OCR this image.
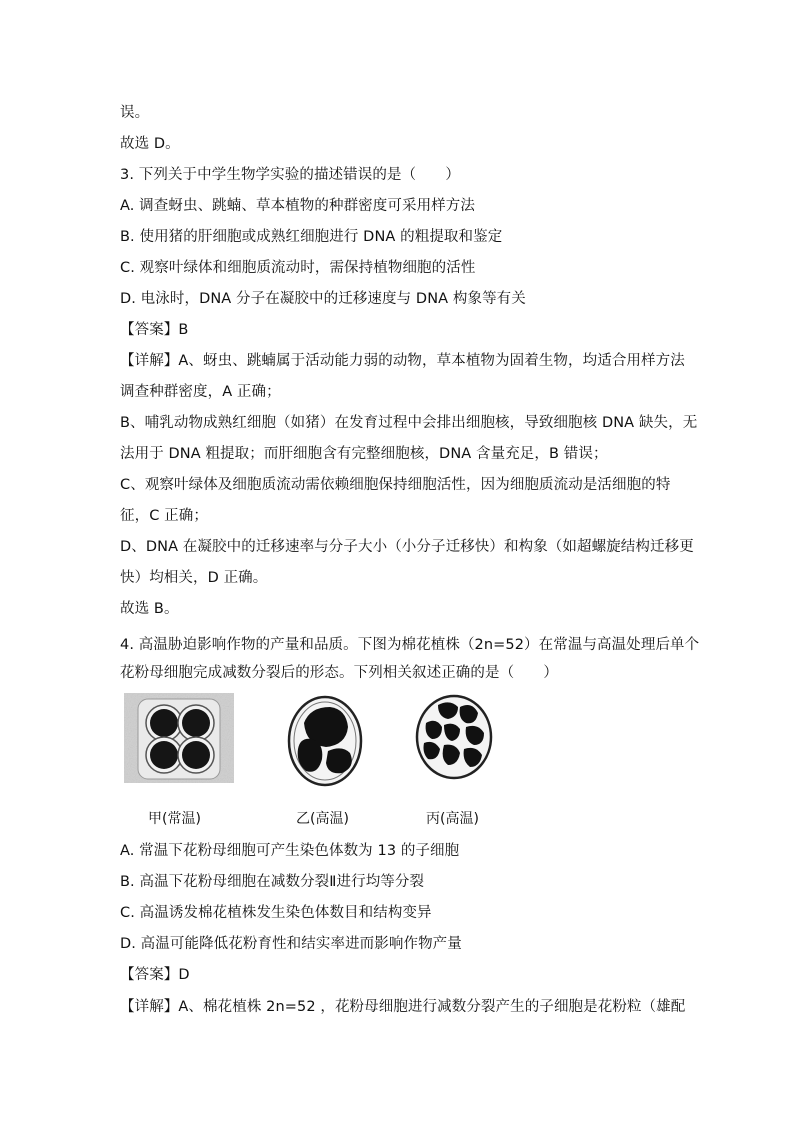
误。
故选 D。
3. 下列关于中学生物学实验的描述错误的是（　　）
A. 调查蚜虫、跳蝻、草本植物的种群密度可采用样方法
B. 使用猪的肝细胞或成熟红细胞进行 DNA 的粗提取和鉴定
C. 观察叶绿体和细胞质流动时，需保持植物细胞的活性
D. 电泳时，DNA 分子在凝胶中的迁移速度与 DNA 构象等有关
【答案】B
【详解】A、蚜虫、跳蝻属于活动能力弱的动物，草本植物为固着生物，均适合用样方法
调查种群密度，A 正确；
B、哺乳动物成熟红细胞（如猪）在发育过程中会排出细胞核，导致细胞核 DNA 缺失，无
法用于 DNA 粗提取；而肝细胞含有完整细胞核，DNA 含量充足，B 错误；
C、观察叶绿体及细胞质流动需依赖细胞保持细胞活性，因为细胞质流动是活细胞的特
征，C 正确；
D、DNA 在凝胶中的迁移速率与分子大小（小分子迁移快）和构象（如超螺旋结构迁移更
快）均相关，D 正确。
故选 B。
4. 高温胁迫影响作物的产量和品质。下图为棉花植株（2n=52）在常温与高温处理后单个
花粉母细胞完成减数分裂后的形态。下列相关叙述正确的是（　　）
甲(常温)	乙(高温)	丙(高温)
A. 常温下花粉母细胞可产生染色体数为 13 的子细胞
B. 高温下花粉母细胞在减数分裂Ⅱ进行均等分裂
C. 高温诱发棉花植株发生染色体数目和结构变异
D. 高温可能降低花粉育性和结实率进而影响作物产量
【答案】D
【详解】A、棉花植株 2n=52 ，花粉母细胞进行减数分裂产生的子细胞是花粉粒（雄配
